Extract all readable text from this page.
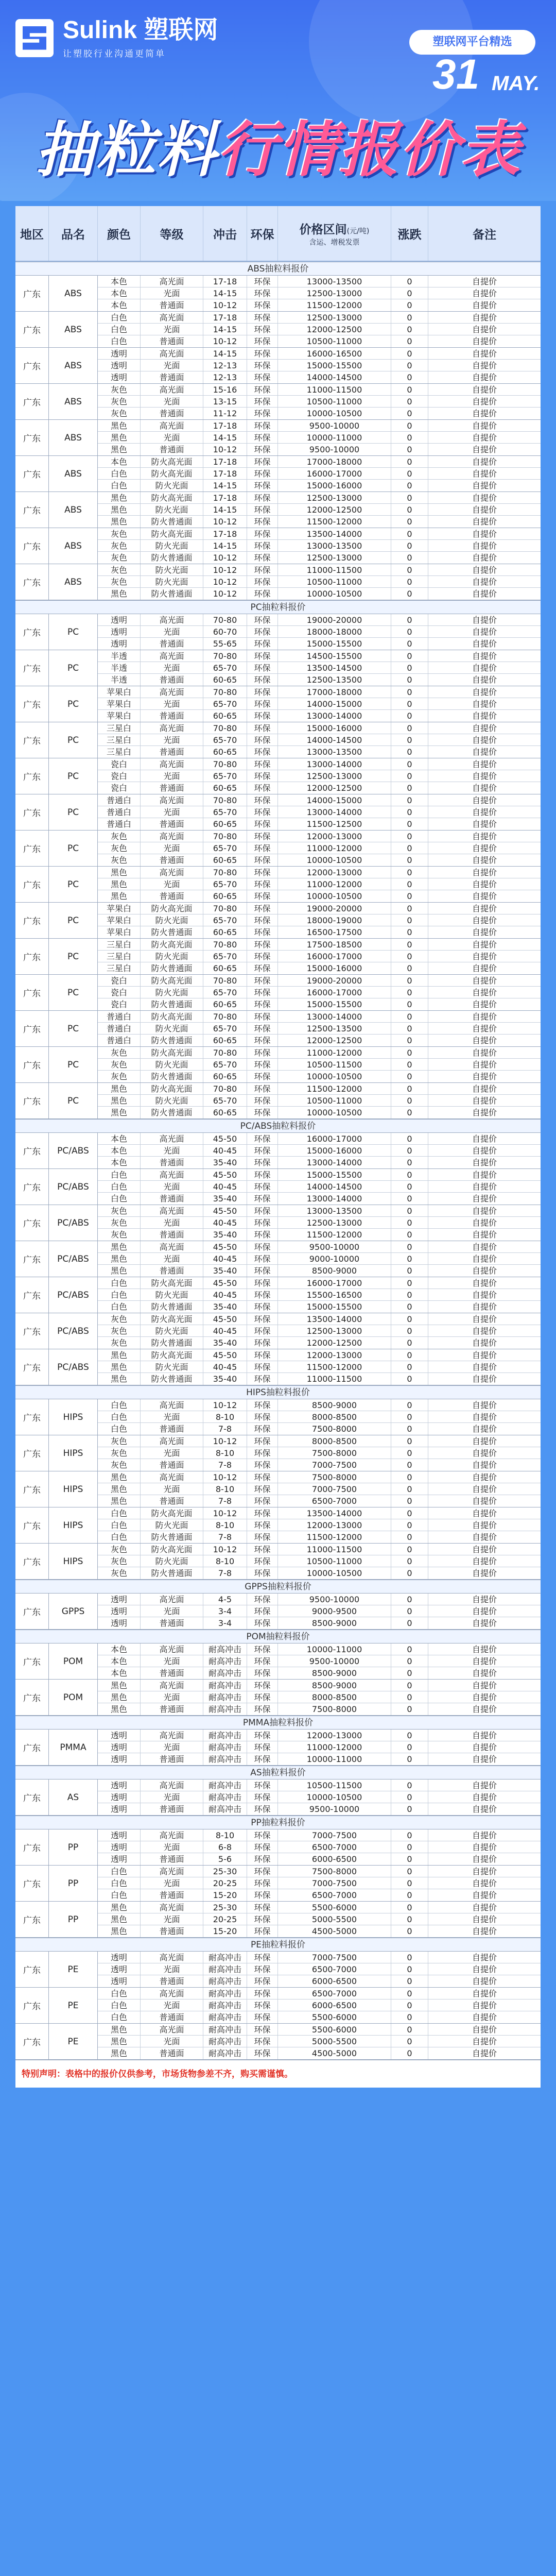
Sulink 塑联网
让塑胶行业沟通更简单
塑联网平台精选
31 MAY.
抽粒料行情报价表
地区	品名	颜色	等级	冲击	环保	价格区间(元/吨)
含运、增税发票
涨跌	备注
ABS抽粒料报价
广东	ABS
本色	高光面	17-18	环保	13000-13500	0	自提价
本色	光面	14-15	环保	12500-13000	0	自提价
本色	普通面	10-12	环保	11500-12000	0	自提价
广东	ABS
白色	高光面	17-18	环保	12500-13000	0	自提价
白色	光面	14-15	环保	12000-12500	0	自提价
白色	普通面	10-12	环保	10500-11000	0	自提价
广东	ABS
透明	高光面	14-15	环保	16000-16500	0	自提价
透明	光面	12-13	环保	15000-15500	0	自提价
透明	普通面	12-13	环保	14000-14500	0	自提价
广东	ABS
灰色	高光面	15-16	环保	11000-11500	0	自提价
灰色	光面	13-15	环保	10500-11000	0	自提价
灰色	普通面	11-12	环保	10000-10500	0	自提价
广东	ABS
黑色	高光面	17-18	环保	9500-10000	0	自提价
黑色	光面	14-15	环保	10000-11000	0	自提价
黑色	普通面	10-12	环保	9500-10000	0	自提价
广东	ABS
本色	防火高光面	17-18	环保	17000-18000	0	自提价
白色	防火高光面	17-18	环保	16000-17000	0	自提价
白色	防火光面	14-15	环保	15000-16000	0	自提价
广东	ABS
黑色	防火高光面	17-18	环保	12500-13000	0	自提价
黑色	防火光面	14-15	环保	12000-12500	0	自提价
黑色	防火普通面	10-12	环保	11500-12000	0	自提价
广东	ABS
灰色	防火高光面	17-18	环保	13500-14000	0	自提价
灰色	防火光面	14-15	环保	13000-13500	0	自提价
灰色	防火普通面	10-12	环保	12500-13000	0	自提价
广东	ABS
灰色	防火光面	10-12	环保	11000-11500	0	自提价
灰色	防火光面	10-12	环保	10500-11000	0	自提价
黑色	防火普通面	10-12	环保	10000-10500	0	自提价
PC抽粒料报价
广东	PC
透明	高光面	70-80	环保	19000-20000	0	自提价
透明	光面	60-70	环保	18000-18000	0	自提价
透明	普通面	55-65	环保	15000-15500	0	自提价
广东	PC
半透	高光面	70-80	环保	14500-15500	0	自提价
半透	光面	65-70	环保	13500-14500	0	自提价
半透	普通面	60-65	环保	12500-13500	0	自提价
广东	PC
苹果白	高光面	70-80	环保	17000-18000	0	自提价
苹果白	光面	65-70	环保	14000-15000	0	自提价
苹果白	普通面	60-65	环保	13000-14000	0	自提价
广东	PC
三星白	高光面	70-80	环保	15000-16000	0	自提价
三星白	光面	65-70	环保	14000-14500	0	自提价
三星白	普通面	60-65	环保	13000-13500	0	自提价
广东	PC
瓷白	高光面	70-80	环保	13000-14000	0	自提价
瓷白	光面	65-70	环保	12500-13000	0	自提价
瓷白	普通面	60-65	环保	12000-12500	0	自提价
广东	PC
普通白	高光面	70-80	环保	14000-15000	0	自提价
普通白	光面	65-70	环保	13000-14000	0	自提价
普通白	普通面	60-65	环保	11500-12500	0	自提价
广东	PC
灰色	高光面	70-80	环保	12000-13000	0	自提价
灰色	光面	65-70	环保	11000-12000	0	自提价
灰色	普通面	60-65	环保	10000-10500	0	自提价
广东	PC
黑色	高光面	70-80	环保	12000-13000	0	自提价
黑色	光面	65-70	环保	11000-12000	0	自提价
黑色	普通面	60-65	环保	10000-10500	0	自提价
广东	PC
苹果白	防火高光面	70-80	环保	19000-20000	0	自提价
苹果白	防火光面	65-70	环保	18000-19000	0	自提价
苹果白	防火普通面	60-65	环保	16500-17500	0	自提价
广东	PC
三星白	防火高光面	70-80	环保	17500-18500	0	自提价
三星白	防火光面	65-70	环保	16000-17000	0	自提价
三星白	防火普通面	60-65	环保	15000-16000	0	自提价
广东	PC
瓷白	防火高光面	70-80	环保	19000-20000	0	自提价
瓷白	防火光面	65-70	环保	16000-17000	0	自提价
瓷白	防火普通面	60-65	环保	15000-15500	0	自提价
广东	PC
普通白	防火高光面	70-80	环保	13000-14000	0	自提价
普通白	防火光面	65-70	环保	12500-13500	0	自提价
普通白	防火普通面	60-65	环保	12000-12500	0	自提价
广东	PC
灰色	防火高光面	70-80	环保	11000-12000	0	自提价
灰色	防火光面	65-70	环保	10500-11500	0	自提价
灰色	防火普通面	60-65	环保	10000-10500	0	自提价
广东	PC
黑色	防火高光面	70-80	环保	11500-12000	0	自提价
黑色	防火光面	65-70	环保	10500-11000	0	自提价
黑色	防火普通面	60-65	环保	10000-10500	0	自提价
PC/ABS抽粒料报价
广东	PC/ABS
本色	高光面	45-50	环保	16000-17000	0	自提价
本色	光面	40-45	环保	15000-16000	0	自提价
本色	普通面	35-40	环保	13000-14000	0	自提价
广东	PC/ABS
白色	高光面	45-50	环保	15000-15500	0	自提价
白色	光面	40-45	环保	14000-14500	0	自提价
白色	普通面	35-40	环保	13000-14000	0	自提价
广东	PC/ABS
灰色	高光面	45-50	环保	13000-13500	0	自提价
灰色	光面	40-45	环保	12500-13000	0	自提价
灰色	普通面	35-40	环保	11500-12000	0	自提价
广东	PC/ABS
黑色	高光面	45-50	环保	9500-10000	0	自提价
黑色	光面	40-45	环保	9000-10000	0	自提价
黑色	普通面	35-40	环保	8500-9000	0	自提价
广东	PC/ABS
白色	防火高光面	45-50	环保	16000-17000	0	自提价
白色	防火光面	40-45	环保	15500-16500	0	自提价
白色	防火普通面	35-40	环保	15000-15500	0	自提价
广东	PC/ABS
灰色	防火高光面	45-50	环保	13500-14000	0	自提价
灰色	防火光面	40-45	环保	12500-13000	0	自提价
灰色	防火普通面	35-40	环保	12000-12500	0	自提价
广东	PC/ABS
黑色	防火高光面	45-50	环保	12000-13000	0	自提价
黑色	防火光面	40-45	环保	11500-12000	0	自提价
黑色	防火普通面	35-40	环保	11000-11500	0	自提价
HIPS抽粒料报价
广东	HIPS
白色	高光面	10-12	环保	8500-9000	0	自提价
白色	光面	8-10	环保	8000-8500	0	自提价
白色	普通面	7-8	环保	7500-8000	0	自提价
广东	HIPS
灰色	高光面	10-12	环保	8000-8500	0	自提价
灰色	光面	8-10	环保	7500-8000	0	自提价
灰色	普通面	7-8	环保	7000-7500	0	自提价
广东	HIPS
黑色	高光面	10-12	环保	7500-8000	0	自提价
黑色	光面	8-10	环保	7000-7500	0	自提价
黑色	普通面	7-8	环保	6500-7000	0	自提价
广东	HIPS
白色	防火高光面	10-12	环保	13500-14000	0	自提价
白色	防火光面	8-10	环保	12000-13000	0	自提价
白色	防火普通面	7-8	环保	11500-12000	0	自提价
广东	HIPS
灰色	防火高光面	10-12	环保	11000-11500	0	自提价
灰色	防火光面	8-10	环保	10500-11000	0	自提价
灰色	防火普通面	7-8	环保	10000-10500	0	自提价
GPPS抽粒料报价
广东	GPPS
透明	高光面	4-5	环保	9500-10000	0	自提价
透明	光面	3-4	环保	9000-9500	0	自提价
透明	普通面	3-4	环保	8500-9000	0	自提价
POM抽粒料报价
广东	POM
本色	高光面	耐高冲击	环保	10000-11000	0	自提价
本色	光面	耐高冲击	环保	9500-10000	0	自提价
本色	普通面	耐高冲击	环保	8500-9000	0	自提价
广东	POM
黑色	高光面	耐高冲击	环保	8500-9000	0	自提价
黑色	光面	耐高冲击	环保	8000-8500	0	自提价
黑色	普通面	耐高冲击	环保	7500-8000	0	自提价
PMMA抽粒料报价
广东	PMMA
透明	高光面	耐高冲击	环保	12000-13000	0	自提价
透明	光面	耐高冲击	环保	11000-12000	0	自提价
透明	普通面	耐高冲击	环保	10000-11000	0	自提价
AS抽粒料报价
广东	AS
透明	高光面	耐高冲击	环保	10500-11500	0	自提价
透明	光面	耐高冲击	环保	10000-10500	0	自提价
透明	普通面	耐高冲击	环保	9500-10000	0	自提价
PP抽粒料报价
广东	PP
透明	高光面	8-10	环保	7000-7500	0	自提价
透明	光面	6-8	环保	6500-7000	0	自提价
透明	普通面	5-6	环保	6000-6500	0	自提价
广东	PP
白色	高光面	25-30	环保	7500-8000	0	自提价
白色	光面	20-25	环保	7000-7500	0	自提价
白色	普通面	15-20	环保	6500-7000	0	自提价
广东	PP
黑色	高光面	25-30	环保	5500-6000	0	自提价
黑色	光面	20-25	环保	5000-5500	0	自提价
黑色	普通面	15-20	环保	4500-5000	0	自提价
PE抽粒料报价
广东	PE
透明	高光面	耐高冲击	环保	7000-7500	0	自提价
透明	光面	耐高冲击	环保	6500-7000	0	自提价
透明	普通面	耐高冲击	环保	6000-6500	0	自提价
广东	PE
白色	高光面	耐高冲击	环保	6500-7000	0	自提价
白色	光面	耐高冲击	环保	6000-6500	0	自提价
白色	普通面	耐高冲击	环保	5500-6000	0	自提价
广东	PE
黑色	高光面	耐高冲击	环保	5500-6000	0	自提价
黑色	光面	耐高冲击	环保	5000-5500	0	自提价
黑色	普通面	耐高冲击	环保	4500-5000	0	自提价
特别声明：表格中的报价仅供参考，市场货物参差不齐，购买需谨慎。
